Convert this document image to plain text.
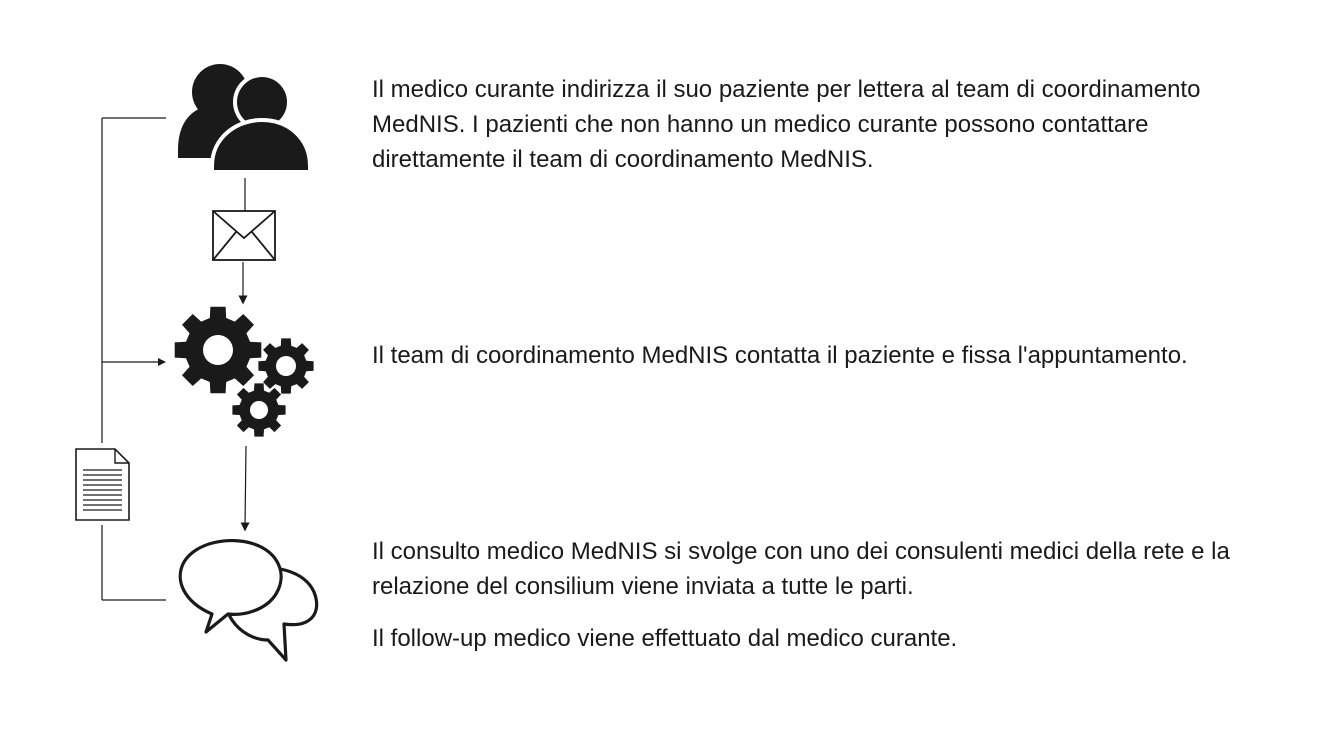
Il medico curante indirizza il suo paziente per lettera al team di coordinamento MedNIS. I pazienti che non hanno un medico curante possono contattare direttamente il team di coordinamento MedNIS.

Il team di coordinamento MedNIS contatta il paziente e fissa l'appuntamento.

Il consulto medico MedNIS si svolge con uno dei consulenti medici della rete e la relazione del consilium viene inviata a tutte le parti.

Il follow-up medico viene effettuato dal medico curante.
